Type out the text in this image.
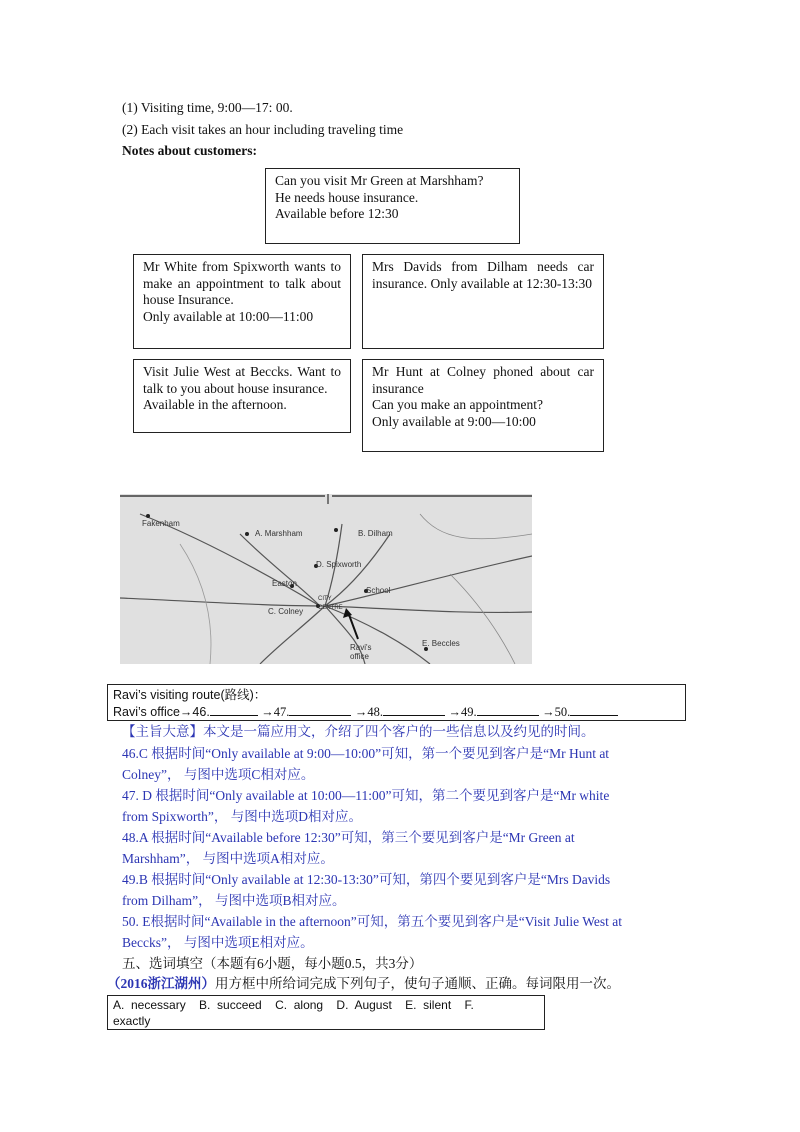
(1) Visiting time, 9:00—17: 00.
(2) Each visit takes an hour including traveling time
Notes about customers:

Can you visit Mr Green at Marshham?

He needs house insurance.

Available before 12:30

Mr White from Spixworth wants to make an appointment to talk about house Insurance.

Only available at 10:00—11:00

Mrs Davids from Dilham needs car insurance. Only available at 12:30-13:30

Visit Julie West at Beccks. Want to talk to you about house insurance.

Available in the afternoon.

Mr Hunt at Colney phoned about car insurance

Can you make an appointment?

Only available at 9:00—10:00

Fakenham
A. Marshham	B. Dilham
D. Spixworth
Easton
School
CITY
CENTRE
C. Colney
E. Beccles
Ravi's
office
Ravi’s visiting route(路线)：
Ravi’s office→46.	→47.	→48.	→49.	→50.
【主旨大意】本文是一篇应用文，介绍了四个客户的一些信息以及约见的时间。
46.C 根据时间“Only available at 9:00—10:00”可知，第一个要见到客户是“Mr Hunt at
Colney”， 与图中选项C相对应。
47. D 根据时间“Only available at 10:00—11:00”可知，第二个要见到客户是“Mr white
from Spixworth”， 与图中选项D相对应。
48.A 根据时间“Available before 12:30”可知，第三个要见到客户是“Mr Green at
Marshham”， 与图中选项A相对应。
49.B 根据时间“Only available at 12:30-13:30”可知，第四个要见到客户是“Mrs Davids
from Dilham”， 与图中选项B相对应。
50. E根据时间“Available in the afternoon”可知，第五个要见到客户是“Visit Julie West at
Beccks”， 与图中选项E相对应。
五、选词填空（本题有6小题，每小题0.5，共3分）
（2016浙江湖州）用方框中所给词完成下列句子，使句子通顺、正确。每词限用一次。
A.  necessary    B.  succeed    C.  along    D.  August    E.  silent    F.
exactly
